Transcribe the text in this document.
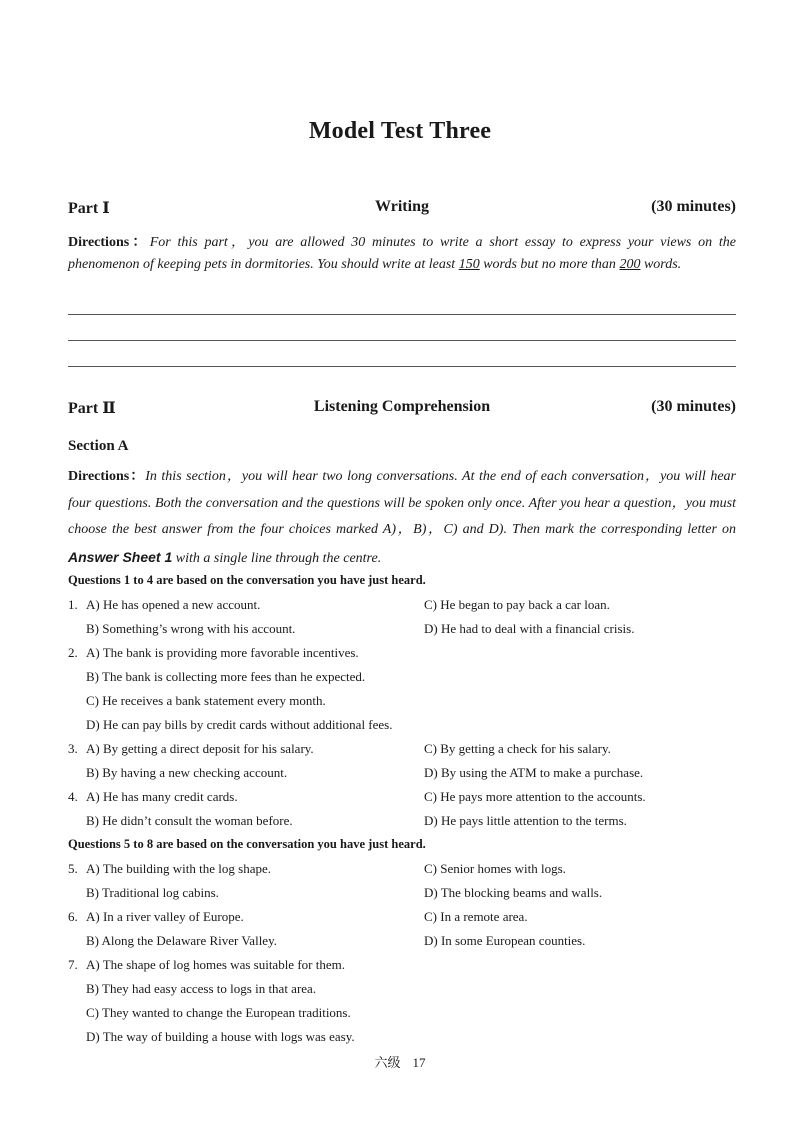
Model Test Three
Writing
Part Ⅰ	(30 minutes)
Directions：For this part，you are allowed 30 minutes to write a short essay to express your views on the phenomenon of keeping pets in dormitories. You should write at least 150 words but no more than 200 words.
Listening Comprehension
Part Ⅱ	(30 minutes)
Section A
Directions：In this section，you will hear two long conversations. At the end of each conversation，you will hear four questions. Both the conversation and the questions will be spoken only once. After you hear a question，you must choose the best answer from the four choices marked A)，B)，C) and D). Then mark the corresponding letter on Answer Sheet 1 with a single line through the centre.
Questions 1 to 4 are based on the conversation you have just heard.
1. A) He has opened a new account.	C) He began to pay back a car loan.
B) Something’s wrong with his account.	D) He had to deal with a financial crisis.
2. A) The bank is providing more favorable incentives.
B) The bank is collecting more fees than he expected.
C) He receives a bank statement every month.
D) He can pay bills by credit cards without additional fees.
3. A) By getting a direct deposit for his salary.	C) By getting a check for his salary.
B) By having a new checking account.	D) By using the ATM to make a purchase.
4. A) He has many credit cards.	C) He pays more attention to the accounts.
B) He didn’t consult the woman before.	D) He pays little attention to the terms.
Questions 5 to 8 are based on the conversation you have just heard.
5. A) The building with the log shape.	C) Senior homes with logs.
B) Traditional log cabins.	D) The blocking beams and walls.
6. A) In a river valley of Europe.	C) In a remote area.
B) Along the Delaware River Valley.	D) In some European counties.
7. A) The shape of log homes was suitable for them.
B) They had easy access to logs in that area.
C) They wanted to change the European traditions.
D) The way of building a house with logs was easy.
六级 17
